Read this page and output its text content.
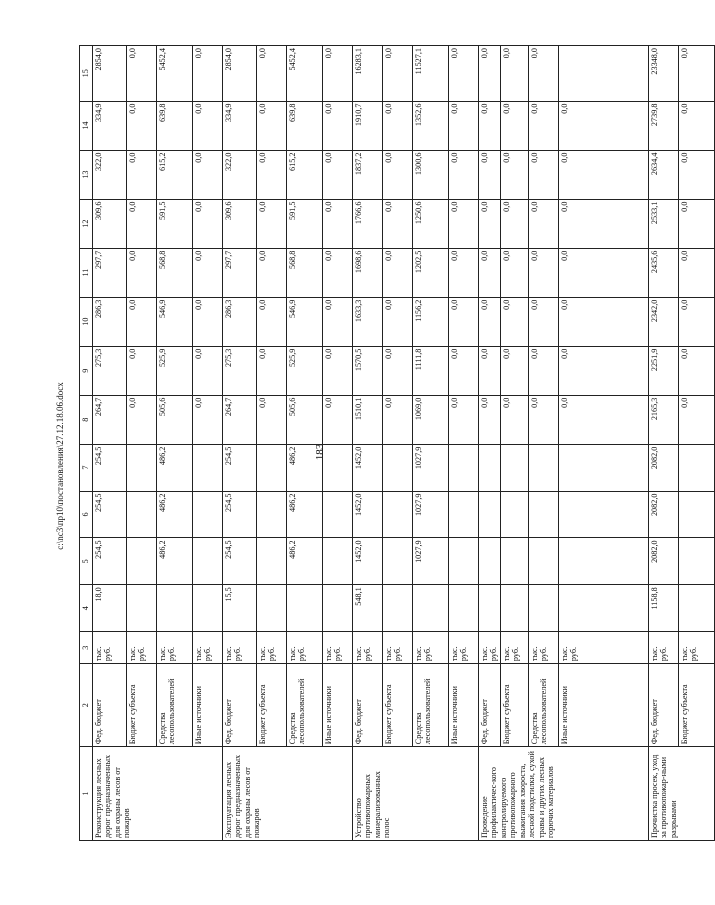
183
c:\nc3\пр10\постановления\27.12.18.06.docx
1	2	3	4	5	6	7	8	9	10	11	12	13	14	15
Реконструкция лесных дорог предназначенных для охраны лесов от пожаров	Фед. бюджет	тыс. руб.	18,0	254,5	254,5	254,5	264,7	275,3	286,3	297,7	309,6	322,0	334,9	2854,0
	Бюджет субъекта	тыс. руб.					0,0	0,0	0,0	0,0	0,0	0,0	0,0	0,0
	Средства лесопользователей	тыс. руб.		486,2	486,2	486,2	505,6	525,9	546,9	568,8	591,5	615,2	639,8	5452,4
	Иные источники	тыс. руб.					0,0	0,0	0,0	0,0	0,0	0,0	0,0	0,0
Эксплуатация лесных дорог предназначенных для охраны лесов от пожаров	Фед. бюджет	тыс. руб.	15,5	254,5	254,5	254,5	264,7	275,3	286,3	297,7	309,6	322,0	334,9	2854,0
	Бюджет субъекта	тыс. руб.					0,0	0,0	0,0	0,0	0,0	0,0	0,0	0,0
	Средства лесопользователей	тыс. руб.		486,2	486,2	486,2	505,6	525,9	546,9	568,8	591,5	615,2	639,8	5452,4
	Иные источники	тыс. руб.					0,0	0,0	0,0	0,0	0,0	0,0	0,0	0,0
Устройство противопожарных минерализованных полос	Фед. бюджет	тыс. руб.	548,1	1452,0	1452,0	1452,0	1510,1	1570,5	1633,3	1698,6	1766,6	1837,2	1910,7	16283,1
	Бюджет субъекта	тыс. руб.					0,0	0,0	0,0	0,0	0,0	0,0	0,0	0,0
	Средства лесопользователей	тыс. руб.		1027,9	1027,9	1027,9	1069,0	1111,8	1156,2	1202,5	1250,6	1300,6	1352,6	11527,1
	Иные источники	тыс. руб.					0,0	0,0	0,0	0,0	0,0	0,0	0,0	0,0
Проведение профилактичес-кого контролируемого противопожарного выжигания хвороста, лесной подстилки, сухой травы и других лесных горючих материалов	Фед. бюджет	тыс. руб.					0,0	0,0	0,0	0,0	0,0	0,0	0,0	0,0
	Бюджет субъекта	тыс. руб.					0,0	0,0	0,0	0,0	0,0	0,0	0,0	0,0
	Средства лесопользователей	тыс. руб.					0,0	0,0	0,0	0,0	0,0	0,0	0,0	0,0
	Иные источники	тыс. руб.					0,0	0,0	0,0	0,0	0,0	0,0	0,0	
Прочистка просек, уход за противопожар-ными разрывами	Фед. бюджет	тыс. руб.	1158,8	2082,0	2082,0	2082,0	2165,3	2251,9	2342,0	2435,6	2533,1	2634,4	2739,8	23348,0
	Бюджет субъекта	тыс. руб.					0,0	0,0	0,0	0,0	0,0	0,0	0,0	0,0
